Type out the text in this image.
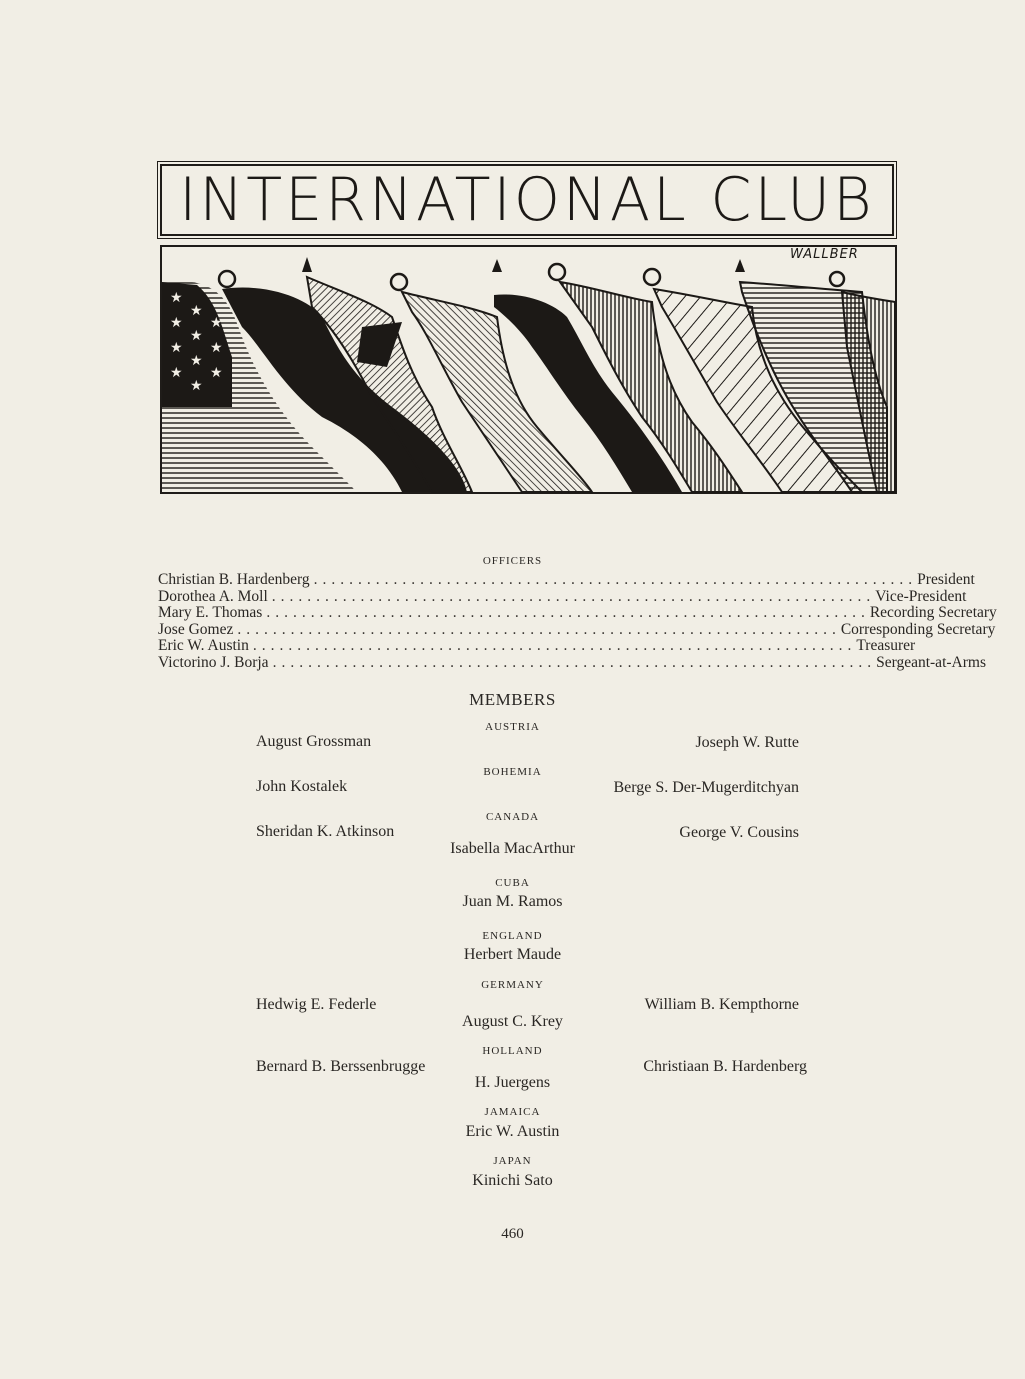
INTERNATIONAL CLUB
★
★
★
★
★
★
★
★
★
★
★
WALLBER
OFFICERS
Christian B. Hardenberg .................................................................... President
Dorothea A. Moll .................................................................... Vice-President
Mary E. Thomas .................................................................... Recording Secretary
Jose Gomez .................................................................... Corresponding Secretary
Eric W. Austin .................................................................... Treasurer
Victorino J. Borja .................................................................... Sergeant-at-Arms
MEMBERS
AUSTRIA
August Grossman	Joseph W. Rutte
BOHEMIA
John Kostalek	Berge S. Der-Mugerditchyan
CANADA
Sheridan K. Atkinson
Isabella MacArthur
George V. Cousins
CUBA
Juan M. Ramos
ENGLAND
Herbert Maude
GERMANY
Hedwig E. Federle
August C. Krey
William B. Kempthorne
HOLLAND
Bernard B. Berssenbrugge
H. Juergens
Christiaan B. Hardenberg
JAMAICA
Eric W. Austin
JAPAN
Kinichi Sato
460
